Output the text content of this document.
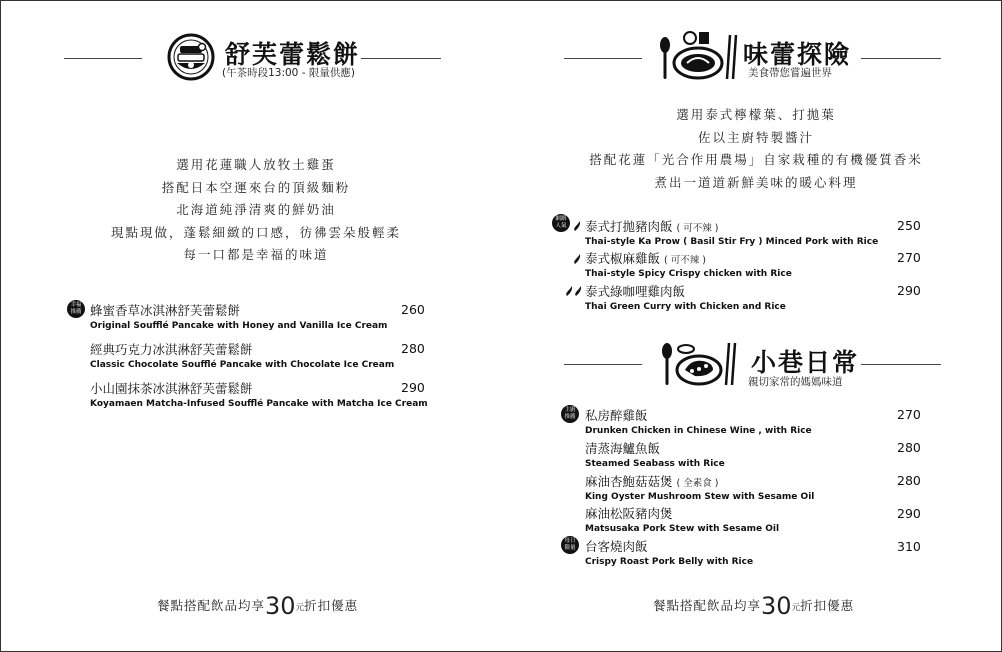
舒芙蕾鬆餅
(午茶時段13:00 - 限量供應)
選用花蓮職人放牧土雞蛋
搭配日本空運來台的頂級麵粉
北海道純淨清爽的鮮奶油
現點現做，蓬鬆細緻的口感，彷彿雲朵般輕柔
每一口都是幸福的味道
幸福
推薦 蜂蜜香草冰淇淋舒芙蕾鬆餅
Original Soufflé Pancake with Honey and Vanilla Ice Cream
260
經典巧克力冰淇淋舒芙蕾鬆餅
Classic Chocolate Soufflé Pancake with Chocolate Ice Cream
280
小山園抹茶冰淇淋舒芙蕾鬆餅
Koyamaen Matcha-Infused Soufflé Pancake with Matcha Ice Cream
290
餐點搭配飲品均享30元折扣優惠
味蕾探險
美食帶您嘗遍世界
選用泰式檸檬葉、打拋葉
佐以主廚特製醬汁
搭配花蓮「光合作用農場」自家栽種的有機優質香米
煮出一道道新鮮美味的暖心料理
網路
人氣 泰式打拋豬肉飯 ( 可不辣 )
Thai-style Ka Prow ( Basil Stir Fry ) Minced Pork with Rice
250
泰式椒麻雞飯 ( 可不辣 )
Thai-style Spicy Crispy chicken with Rice
270
泰式綠咖哩雞肉飯
Thai Green Curry with Chicken and Rice
290
小巷日常
親切家常的媽媽味道
主廚
推薦
每日
限量
私房醉雞飯
Drunken Chicken in Chinese Wine , with Rice
270
清蒸海鱸魚飯
Steamed Seabass with Rice
280
麻油杏鮑菇菇煲 ( 全素食 )
King Oyster Mushroom Stew with Sesame Oil
280
麻油松阪豬肉煲
Matsusaka Pork Stew with Sesame Oil
290
台客燒肉飯
Crispy Roast Pork Belly with Rice
310
餐點搭配飲品均享30元折扣優惠
